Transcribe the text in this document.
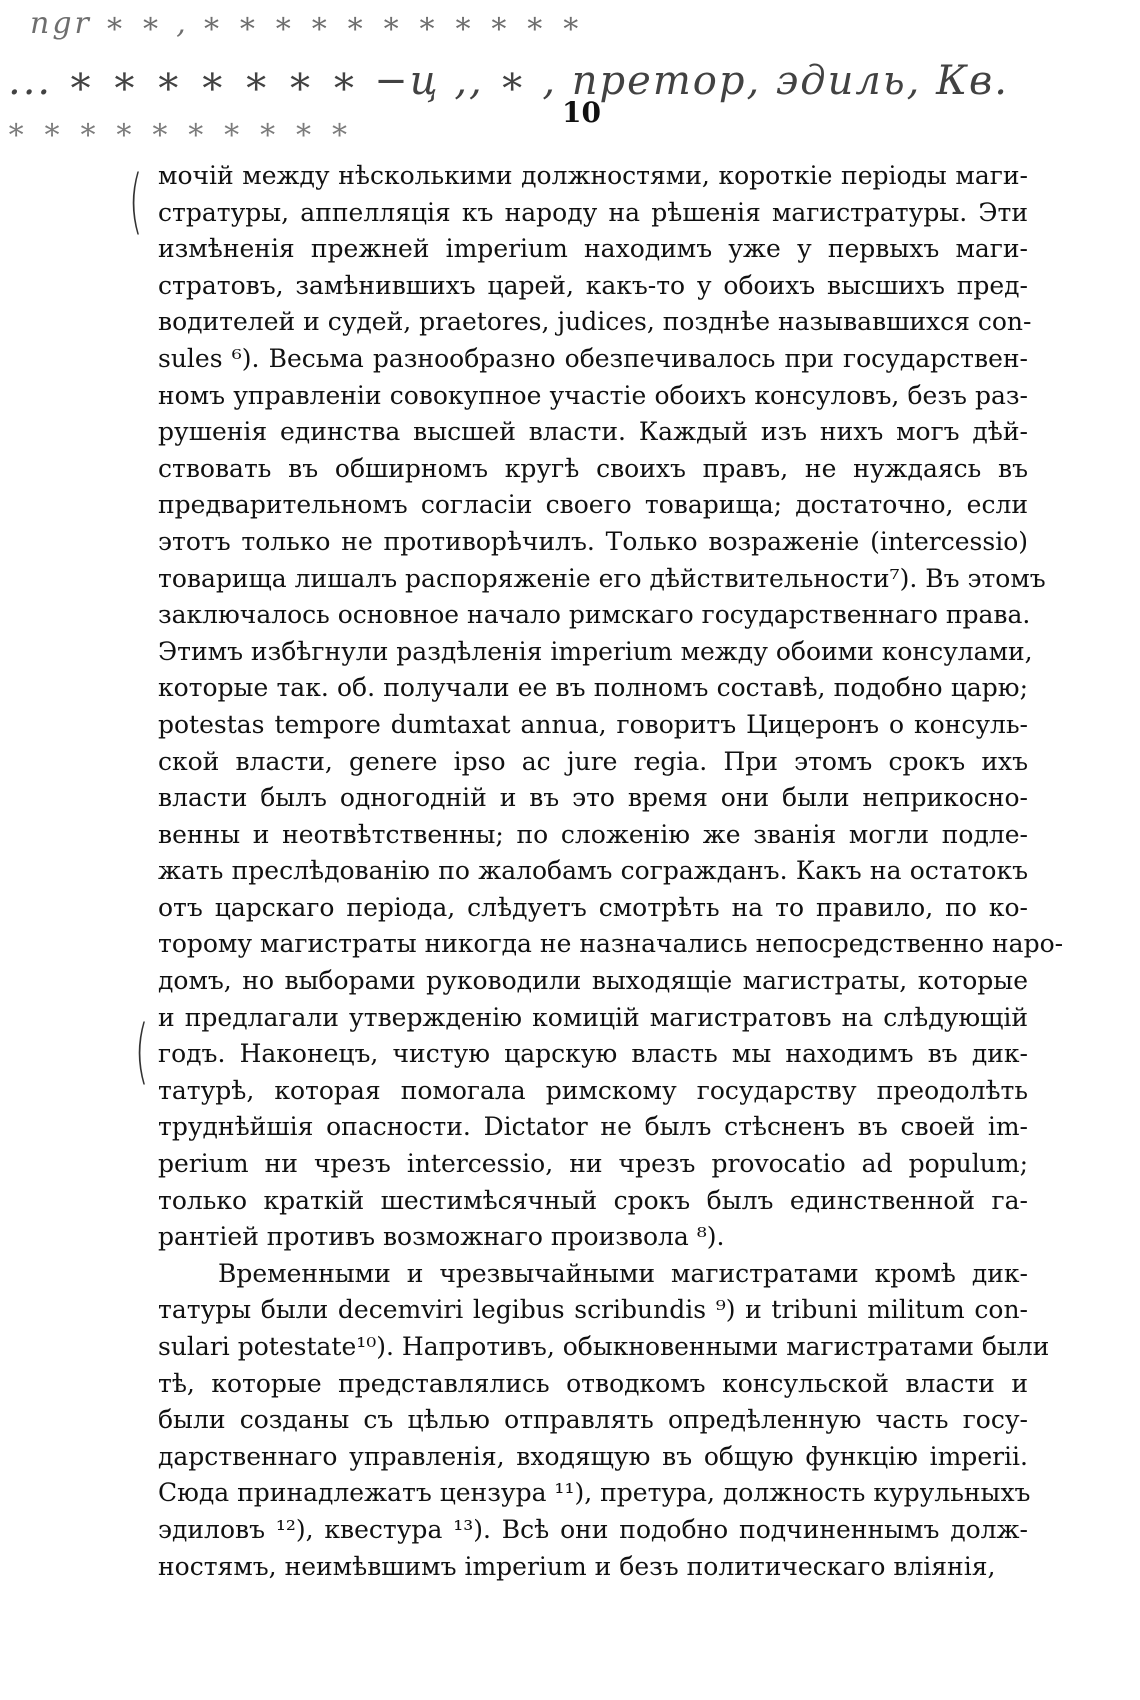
ngr ∗ ∗ , ∗ ∗ ∗ ∗ ∗ ∗ ∗ ∗ ∗ ∗ ∗
... ∗ ∗ ∗ ∗ ∗ ∗ ∗ −ц ,, ∗ , претор, эдиль, Кв.
∗ ∗ ∗ ∗ ∗ ∗ ∗ ∗ ∗ ∗	10
(
(

мочій между нѣсколькими должностями, короткіе періоды маги-
стратуры, аппелляція къ народу на рѣшенія магистратуры. Эти
измѣненія прежней imperium находимъ уже у первыхъ маги-
стратовъ, замѣнившихъ царей, какъ-то у обоихъ высшихъ пред-
водителей и судей, praetores, judices, позднѣе называвшихся con-
sules ⁶). Весьма разнообразно обезпечивалось при государствен-
номъ управленіи совокупное участіе обоихъ консуловъ, безъ раз-
рушенія единства высшей власти. Каждый изъ нихъ могъ дѣй-
ствовать въ обширномъ кругѣ своихъ правъ, не нуждаясь въ
предварительномъ согласіи своего товарища; достаточно, если
этотъ только не противорѣчилъ. Только возраженіе (intercessio)
товарища лишалъ распоряженіе его дѣйствительности⁷). Въ этомъ
заключалось основное начало римскаго государственнаго права.
Этимъ избѣгнули раздѣленія imperium между обоими консулами,
которые так. об. получали ее въ полномъ составѣ, подобно царю;
potestas tempore dumtaxat annua, говоритъ Цицеронъ о консуль-
ской власти, genere ipso ac jure regia. При этомъ срокъ ихъ
власти былъ одногодній и въ это время они были неприкосно-
венны и неотвѣтственны; по сложенію же званія могли подле-
жать преслѣдованію по жалобамъ согражданъ. Какъ на остатокъ
отъ царскаго періода, слѣдуетъ смотрѣть на то правило, по ко-
торому магистраты никогда не назначались непосредственно наро-
домъ, но выборами руководили выходящіе магистраты, которые
и предлагали утвержденію комицій магистратовъ на слѣдующій
годъ. Наконецъ, чистую царскую власть мы находимъ въ дик-
татурѣ, которая помогала римскому государству преодолѣть
труднѣйшія опасности. Dictator не былъ стѣсненъ въ своей im-
perium ни чрезъ intercessio, ни чрезъ provocatio ad populum;
только краткій шестимѣсячный срокъ былъ единственной га-
рантіей противъ возможнаго произвола ⁸).

Временными и чрезвычайными магистратами кромѣ дик-
татуры были decemviri legibus scribundis ⁹) и tribuni militum con-
sulari potestate¹⁰). Напротивъ, обыкновенными магистратами были
тѣ, которые представлялись отводкомъ консульской власти и
были созданы съ цѣлью отправлять опредѣленную часть госу-
дарственнаго управленія, входящую въ общую функцію imperii.
Сюда принадлежатъ цензура ¹¹), претура, должность курульныхъ
эдиловъ ¹²), квестура ¹³). Всѣ они подобно подчиненнымъ долж-
ностямъ, неимѣвшимъ imperium и безъ политическаго вліянія,
